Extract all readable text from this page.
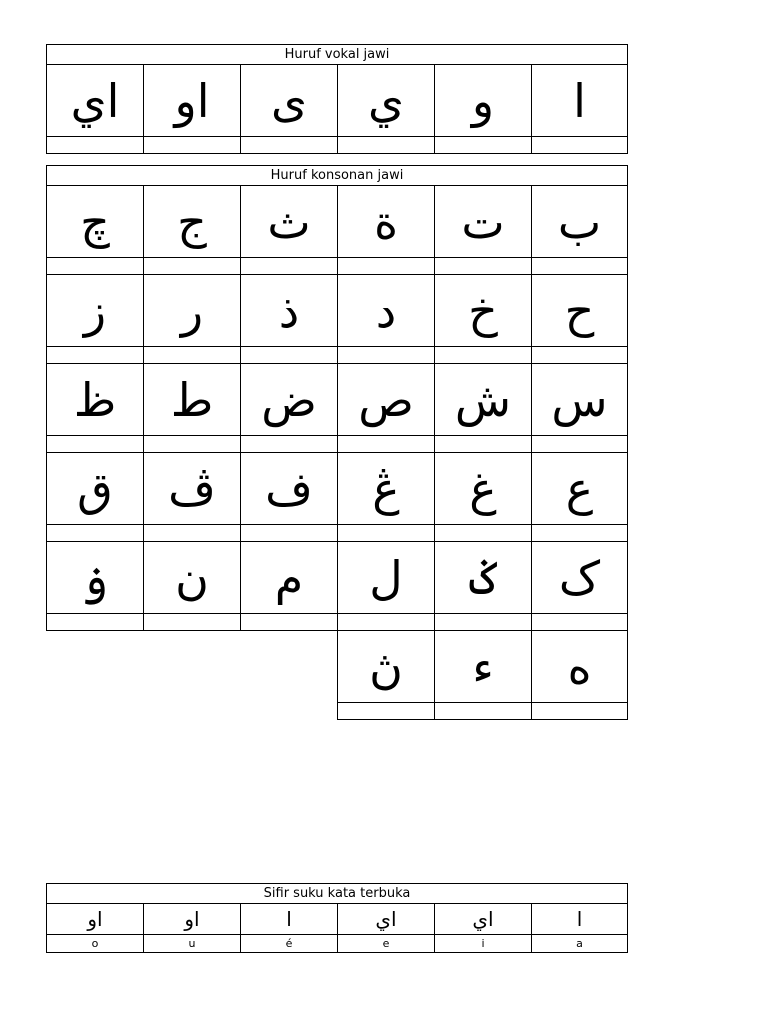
Huruf vokal jawi
ا
و
ي
ى
او
اي
Huruf konsonan jawi
ب
ت
ة
ث
ج
چ
ح
خ
د
ذ
ر
ز
س
ش
ص
ض
ط
ظ
ع
غ
ڠ
ف
ڤ
ق
ک
ݢ
ل
م
ن
ۏ
ه
ء
ڽ
Sifir suku kata terbuka
ا
اي
اي
ا
او
او
a
i
e
é
u
o
